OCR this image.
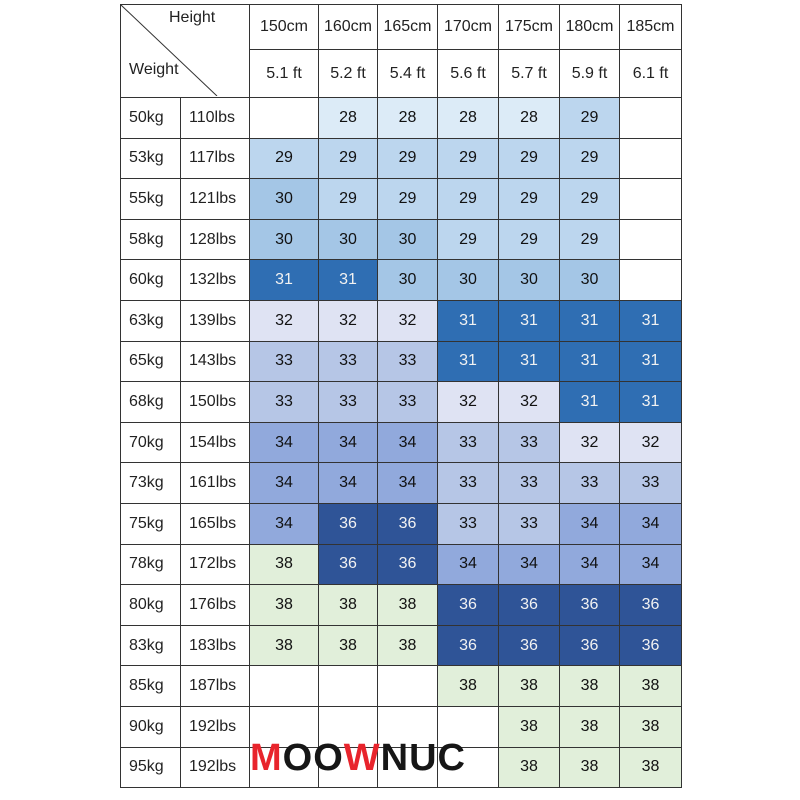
Height
Weight		150cm	160cm	165cm	170cm	175cm	180cm	185cm
		5.1 ft	5.2 ft	5.4 ft	5.6 ft	5.7 ft	5.9 ft	6.1 ft
50kg	110lbs		28	28	28	28	29	
53kg	117lbs	29	29	29	29	29	29	
55kg	121lbs	30	29	29	29	29	29	
58kg	128lbs	30	30	30	29	29	29	
60kg	132lbs	31	31	30	30	30	30	
63kg	139lbs	32	32	32	31	31	31	31
65kg	143lbs	33	33	33	31	31	31	31
68kg	150lbs	33	33	33	32	32	31	31
70kg	154lbs	34	34	34	33	33	32	32
73kg	161lbs	34	34	34	33	33	33	33
75kg	165lbs	34	36	36	33	33	34	34
78kg	172lbs	38	36	36	34	34	34	34
80kg	176lbs	38	38	38	36	36	36	36
83kg	183lbs	38	38	38	36	36	36	36
85kg	187lbs				38	38	38	38
90kg	192lbs					38	38	38
95kg	192lbs					38	38	38
MOOWNUC
